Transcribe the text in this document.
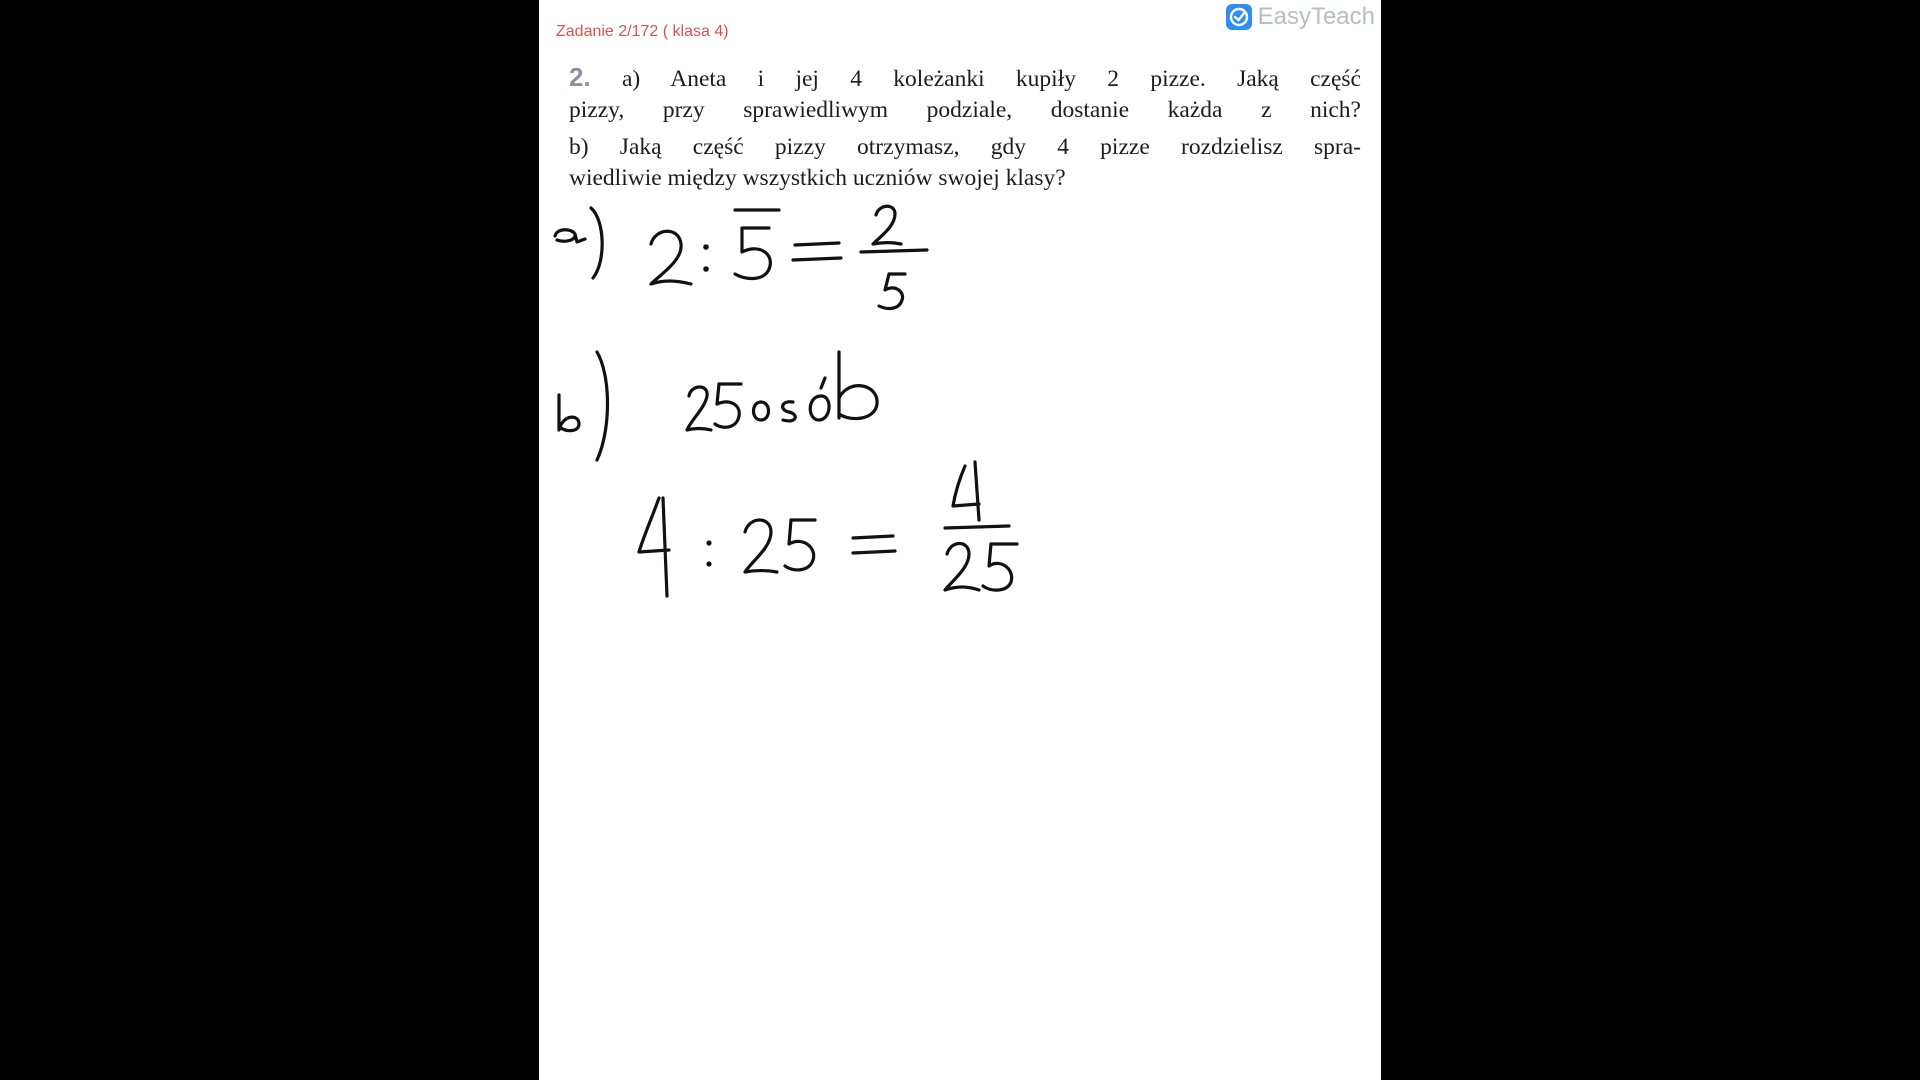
Zadanie 2/172 ( klasa 4)
EasyTeach

2. a) Aneta i jej 4 koleżanki kupiły 2 pizze. Jaką część

pizzy, przy sprawiedliwym podziale, dostanie każda z nich?

b) Jaką część pizzy otrzymasz, gdy 4 pizze rozdzielisz spra-

wiedliwie między wszystkich uczniów swojej klasy?

a) 2 : 5 = 2 5 b) 4 : 25 = 4 25
